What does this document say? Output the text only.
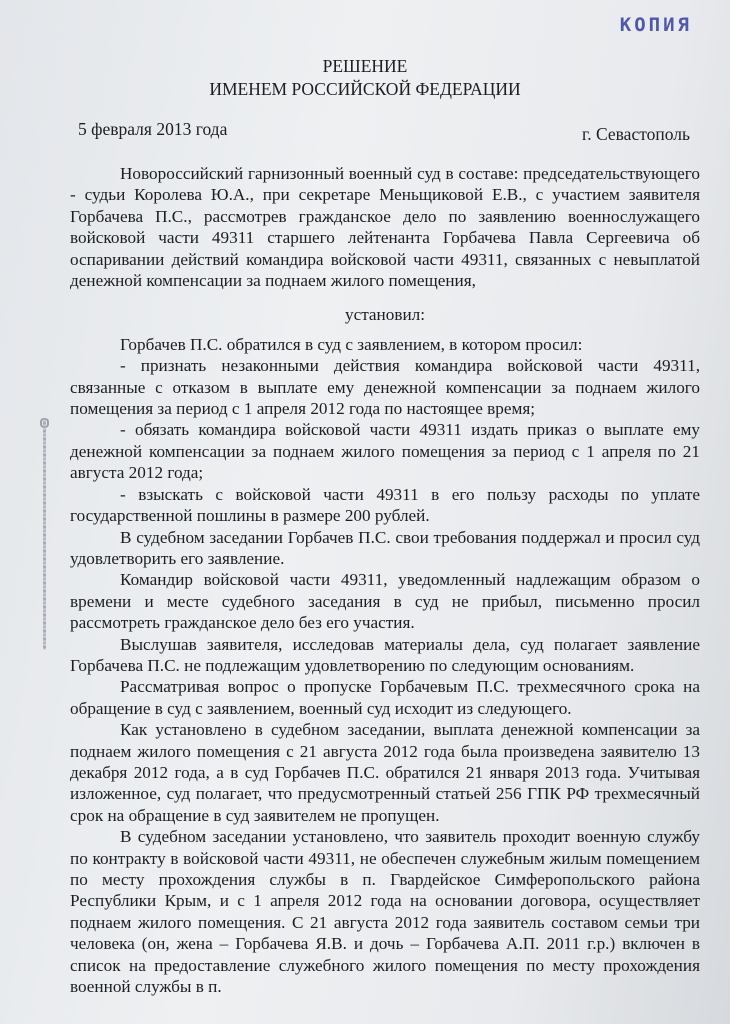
КОПИЯ
РЕШЕНИЕ
ИМЕНЕМ РОССИЙСКОЙ ФЕДЕРАЦИИ
5 февраля 2013 года	г. Севастополь

Новороссийский гарнизонный военный суд в составе: председательствующего - судьи Королева Ю.А., при секретаре Меньщиковой Е.В., с участием заявителя Горбачева П.С., рассмотрев гражданское дело по заявлению военнослужащего войсковой части 49311 старшего лейтенанта Горбачева Павла Сергеевича об оспаривании действий командира войсковой части 49311, связанных с невыплатой денежной компенсации за поднаем жилого помещения,

установил:

Горбачев П.С. обратился в суд с заявлением, в котором просил:

- признать незаконными действия командира войсковой части 49311, связанные с отказом в выплате ему денежной компенсации за поднаем жилого помещения за период с 1 апреля 2012 года по настоящее время;

- обязать командира войсковой части 49311 издать приказ о выплате ему денежной компенсации за поднаем жилого помещения за период с 1 апреля по 21 августа 2012 года;

- взыскать с войсковой части 49311 в его пользу расходы по уплате государственной пошлины в размере 200 рублей.

В судебном заседании Горбачев П.С. свои требования поддержал и просил суд удовлетворить его заявление.

Командир войсковой части 49311, уведомленный надлежащим образом о времени и месте судебного заседания в суд не прибыл, письменно просил рассмотреть гражданское дело без его участия.

Выслушав заявителя, исследовав материалы дела, суд полагает заявление Горбачева П.С. не подлежащим удовлетворению по следующим основаниям.

Рассматривая вопрос о пропуске Горбачевым П.С. трехмесячного срока на обращение в суд с заявлением, военный суд исходит из следующего.

Как установлено в судебном заседании, выплата денежной компенсации за поднаем жилого помещения с 21 августа 2012 года была произведена заявителю 13 декабря 2012 года, а в суд Горбачев П.С. обратился 21 января 2013 года. Учитывая изложенное, суд полагает, что предусмотренный статьей 256 ГПК РФ трехмесячный срок на обращение в суд заявителем не пропущен.

В судебном заседании установлено, что заявитель проходит военную службу по контракту в войсковой части 49311, не обеспечен служебным жилым помещением по месту прохождения службы в п. Гвардейское Симферопольского района Республики Крым, и с 1 апреля 2012 года на основании договора, осуществляет поднаем жилого помещения. С 21 августа 2012 года заявитель составом семьи три человека (он, жена – Горбачева Я.В. и дочь – Горбачева А.П. 2011 г.р.) включен в список на предоставление служебного жилого помещения по месту прохождения военной службы в п.
